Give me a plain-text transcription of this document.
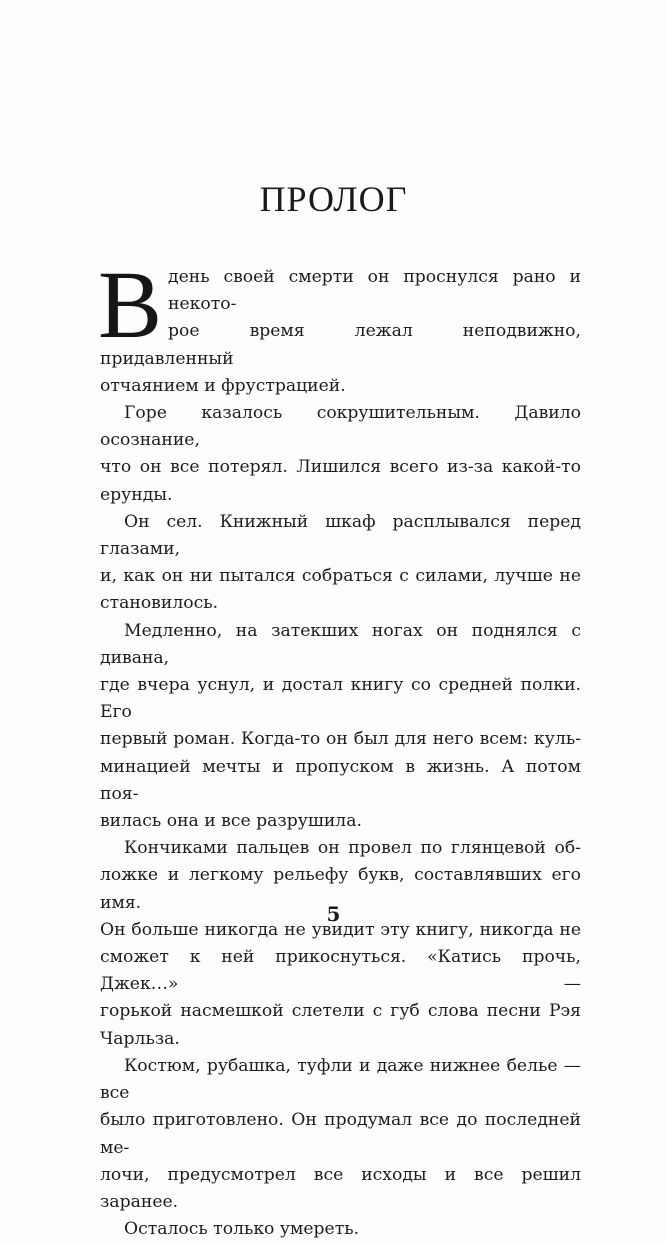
ПРОЛОГ

В день своей смерти он проснулся рано и некото-
рое время лежал неподвижно, придавленный
отчаянием и фрустрацией.

Горе казалось сокрушительным. Давило осознание,
что он все потерял. Лишился всего из-за какой-то
ерунды.

Он сел. Книжный шкаф расплывался перед глазами,
и, как он ни пытался собраться с силами, лучше не
становилось.

Медленно, на затекших ногах он поднялся с дивана,
где вчера уснул, и достал книгу со средней полки. Его
первый роман. Когда-то он был для него всем: куль-
минацией мечты и пропуском в жизнь. А потом поя-
вилась она и все разрушила.

Кончиками пальцев он провел по глянцевой об-
ложке и легкому рельефу букв, составлявших его имя.
Он больше никогда не увидит эту книгу, никогда не
сможет к ней прикоснуться. «Катись прочь, Джек…» —
горькой насмешкой слетели с губ слова песни Рэя
Чарльза.

Костюм, рубашка, туфли и даже нижнее белье — все
было приготовлено. Он продумал все до последней ме-
лочи, предусмотрел все исходы и все решил заранее.

Осталось только умереть.

5
